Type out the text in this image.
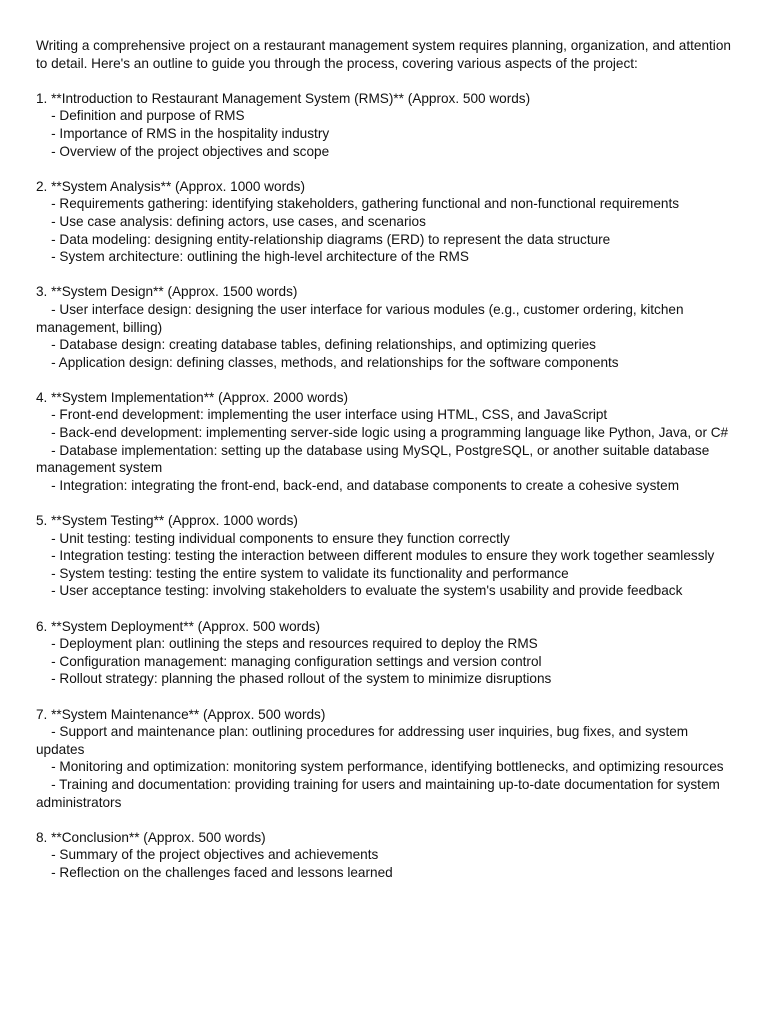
Writing a comprehensive project on a restaurant management system requires planning, organization, and attention to detail. Here's an outline to guide you through the process, covering various aspects of the project:

1. **Introduction to Restaurant Management System (RMS)** (Approx. 500 words)

- Definition and purpose of RMS

- Importance of RMS in the hospitality industry

- Overview of the project objectives and scope

2. **System Analysis** (Approx. 1000 words)

- Requirements gathering: identifying stakeholders, gathering functional and non-functional requirements

- Use case analysis: defining actors, use cases, and scenarios

- Data modeling: designing entity-relationship diagrams (ERD) to represent the data structure

- System architecture: outlining the high-level architecture of the RMS

3. **System Design** (Approx. 1500 words)

- User interface design: designing the user interface for various modules (e.g., customer ordering, kitchen management, billing)

- Database design: creating database tables, defining relationships, and optimizing queries

- Application design: defining classes, methods, and relationships for the software components

4. **System Implementation** (Approx. 2000 words)

- Front-end development: implementing the user interface using HTML, CSS, and JavaScript

- Back-end development: implementing server-side logic using a programming language like Python, Java, or C#

- Database implementation: setting up the database using MySQL, PostgreSQL, or another suitable database management system

- Integration: integrating the front-end, back-end, and database components to create a cohesive system

5. **System Testing** (Approx. 1000 words)

- Unit testing: testing individual components to ensure they function correctly

- Integration testing: testing the interaction between different modules to ensure they work together seamlessly

- System testing: testing the entire system to validate its functionality and performance

- User acceptance testing: involving stakeholders to evaluate the system's usability and provide feedback

6. **System Deployment** (Approx. 500 words)

- Deployment plan: outlining the steps and resources required to deploy the RMS

- Configuration management: managing configuration settings and version control

- Rollout strategy: planning the phased rollout of the system to minimize disruptions

7. **System Maintenance** (Approx. 500 words)

- Support and maintenance plan: outlining procedures for addressing user inquiries, bug fixes, and system updates

- Monitoring and optimization: monitoring system performance, identifying bottlenecks, and optimizing resources

- Training and documentation: providing training for users and maintaining up-to-date documentation for system administrators

8. **Conclusion** (Approx. 500 words)

- Summary of the project objectives and achievements

- Reflection on the challenges faced and lessons learned
